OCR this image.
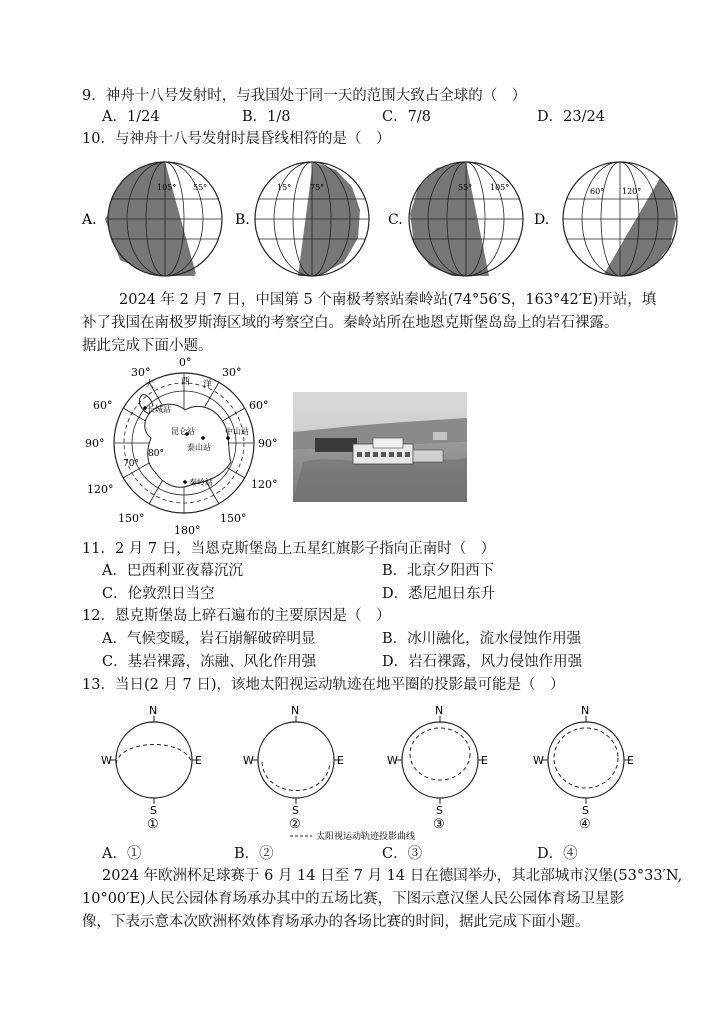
9．神舟十八号发射时，与我国处于同一天的范围大致占全球的（　）
A．1/24	B．1/8	C．7/8	D．23/24
10．与神舟十八号发射时晨昏线相符的是（　）
A.
105° 55°
B.
15° 75°
C.
55° 105°
D.
60° 120°
2024 年 2 月 7 日，中国第 5 个南极考察站秦岭站(74°56′S，163°42′E)开站，填
补了我国在南极罗斯海区域的考察空白。秦岭站所在地恩克斯堡岛岛上的岩石裸露。
据此完成下面小题。
0°
30°	30°
60°	60°
90°	90°
120°	120°
150°	150°
180°
70°
80°
大	西 洋
长城站
昆仑站
泰山站
中山站
秦岭站
11．2 月 7 日，当恩克斯堡岛上五星红旗影子指向正南时（　）
A．巴西利亚夜幕沉沉	B．北京夕阳西下
C．伦敦烈日当空	D．悉尼旭日东升
12．恩克斯堡岛上碎石遍布的主要原因是（　）
A．气候变暖，岩石崩解破碎明显	B．冰川融化，流水侵蚀作用强
C．基岩裸露，冻融、风化作用强	D．岩石裸露，风力侵蚀作用强
13．当日(2 月 7 日)，该地太阳视运动轨迹在地平圈的投影最可能是（　）
N
S
W	E
①
N
S
W	E
②
N
S
W	E
③
N
S
W	E
④
太阳视运动轨迹投影曲线
A．①	B．②	C．③	D．④
2024 年欧洲杯足球赛于 6 月 14 日至 7 月 14 日在德国举办，其北部城市汉堡(53°33′N,
10°00′E)人民公园体育场承办其中的五场比赛，下图示意汉堡人民公园体育场卫星影
像，下表示意本次欧洲杯效体育场承办的各场比赛的时间，据此完成下面小题。
